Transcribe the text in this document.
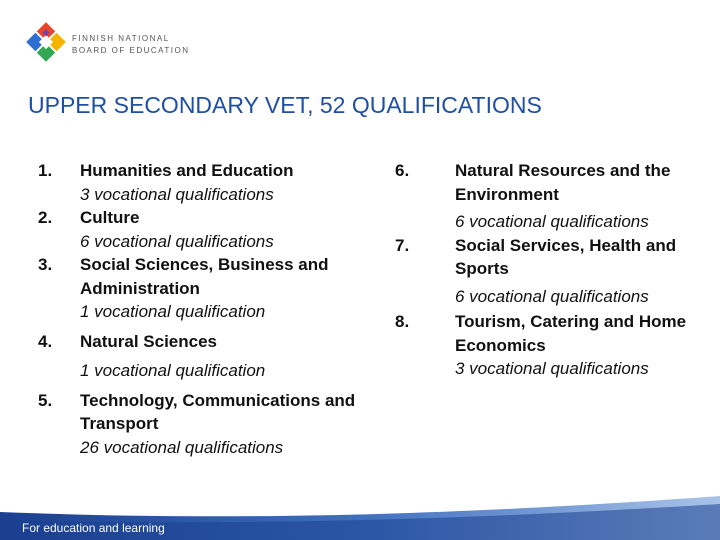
FINNISH NATIONAL
BOARD OF EDUCATION
UPPER SECONDARY VET, 52 QUALIFICATIONS
1.	Humanities and Education
3 vocational qualifications
2.	Culture
6 vocational qualifications
3.	Social Sciences, Business and Administration
1 vocational qualification
4.	Natural Sciences
1 vocational qualification
5.	Technology, Communications and Transport
26 vocational qualifications
6.	Natural Resources and the Environment
6 vocational qualifications
7.	Social Services, Health and Sports
6 vocational qualifications
8.	Tourism, Catering and Home Economics
3 vocational qualifications
For education and learning
